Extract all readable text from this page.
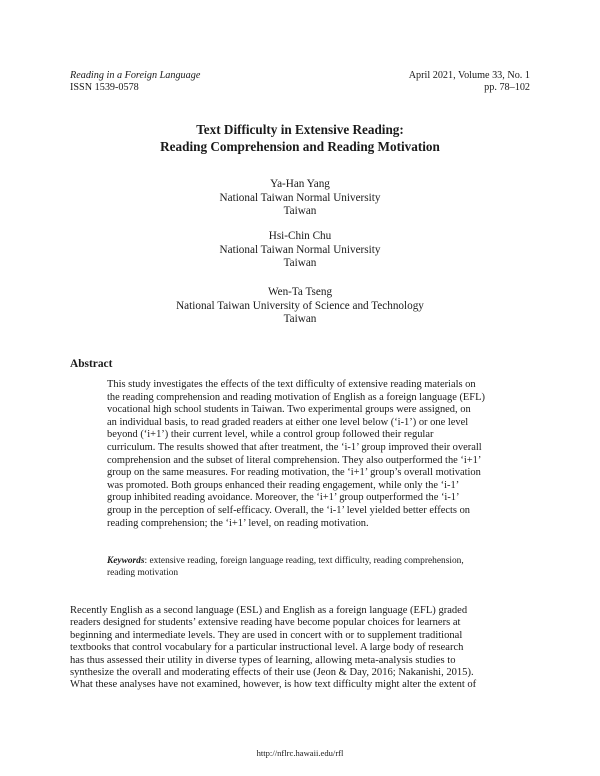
Reading in a Foreign Language
ISSN 1539-0578
April 2021, Volume 33, No. 1
pp. 78–102
Text Difficulty in Extensive Reading:
Reading Comprehension and Reading Motivation
Ya-Han Yang
National Taiwan Normal University
Taiwan
Hsi-Chin Chu
National Taiwan Normal University
Taiwan
Wen-Ta Tseng
National Taiwan University of Science and Technology
Taiwan
Abstract
This study investigates the effects of the text difficulty of extensive reading materials on
the reading comprehension and reading motivation of English as a foreign language (EFL)
vocational high school students in Taiwan. Two experimental groups were assigned, on
an individual basis, to read graded readers at either one level below (‘i-1’) or one level
beyond (‘i+1’) their current level, while a control group followed their regular
curriculum. The results showed that after treatment, the ‘i-1’ group improved their overall
comprehension and the subset of literal comprehension. They also outperformed the ‘i+1’
group on the same measures. For reading motivation, the ‘i+1’ group’s overall motivation
was promoted. Both groups enhanced their reading engagement, while only the ‘i-1’
group inhibited reading avoidance. Moreover, the ‘i+1’ group outperformed the ‘i-1’
group in the perception of self-efficacy. Overall, the ‘i-1’ level yielded better effects on
reading comprehension; the ‘i+1’ level, on reading motivation.
Keywords: extensive reading, foreign language reading, text difficulty, reading comprehension,
reading motivation
Recently English as a second language (ESL) and English as a foreign language (EFL) graded
readers designed for students’ extensive reading have become popular choices for learners at
beginning and intermediate levels. They are used in concert with or to supplement traditional
textbooks that control vocabulary for a particular instructional level. A large body of research
has thus assessed their utility in diverse types of learning, allowing meta-analysis studies to
synthesize the overall and moderating effects of their use (Jeon & Day, 2016; Nakanishi, 2015).
What these analyses have not examined, however, is how text difficulty might alter the extent of
http://nflrc.hawaii.edu/rfl
